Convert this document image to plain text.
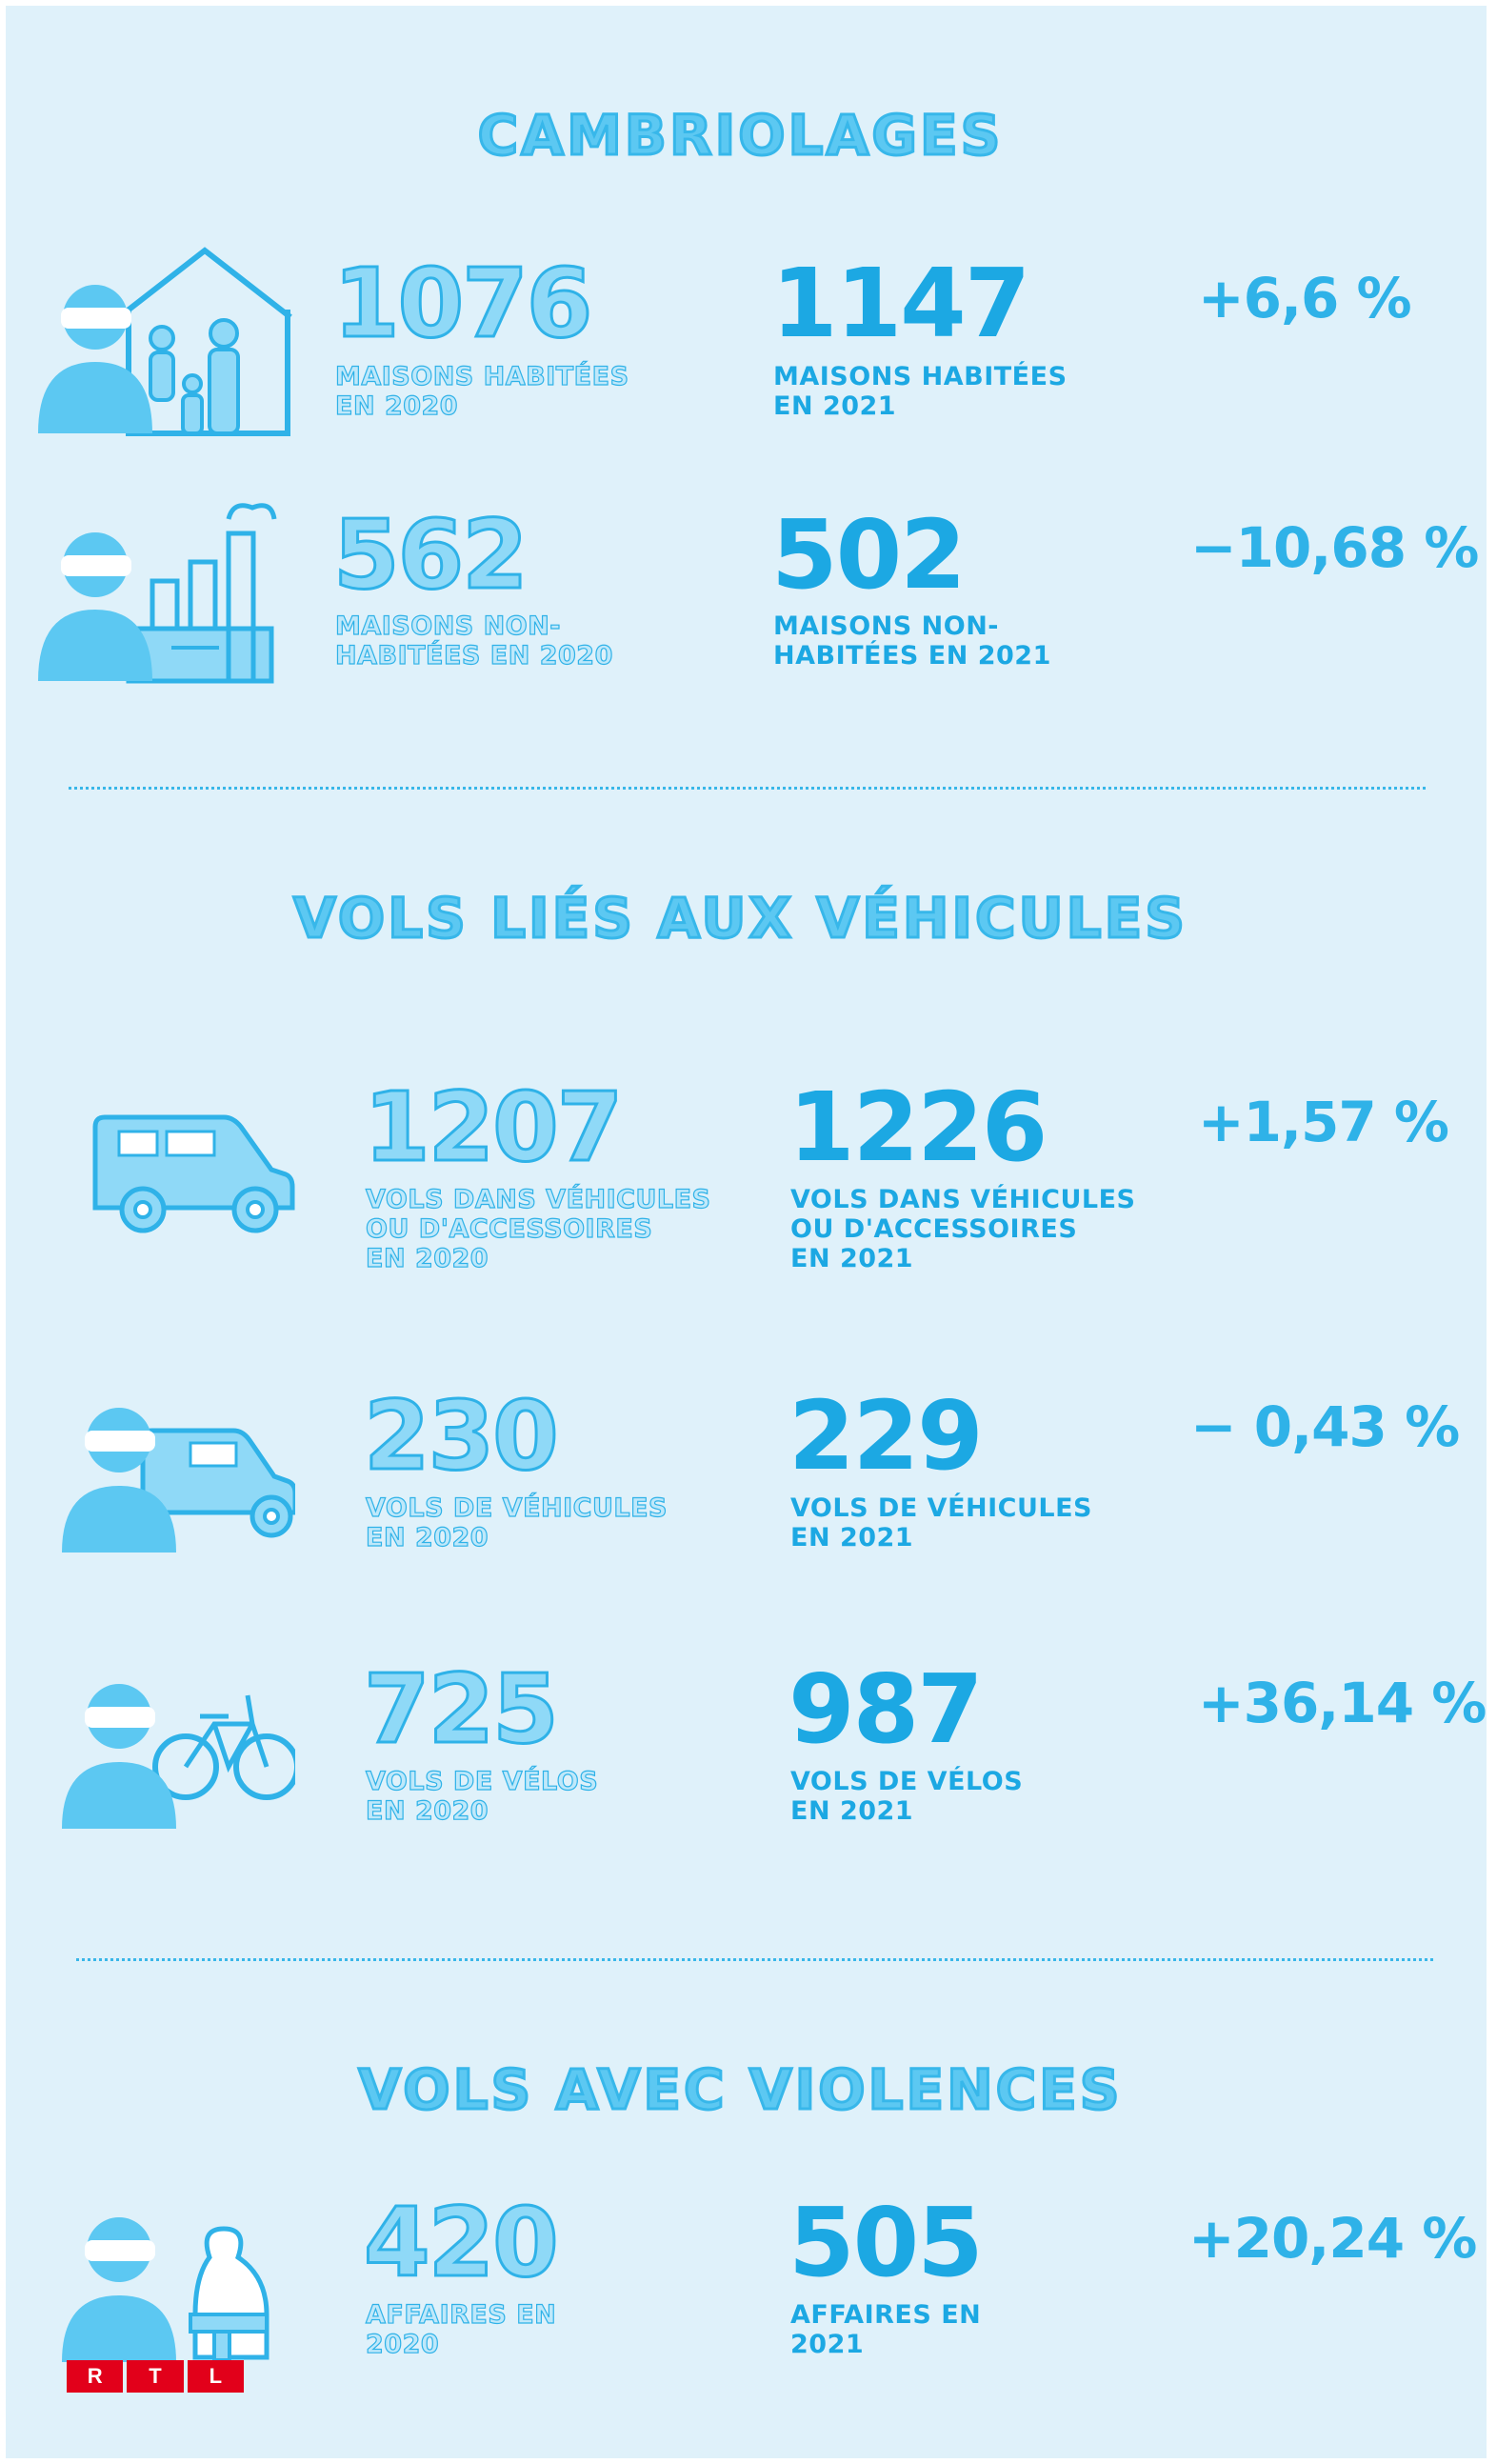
CAMBRIOLAGES
1076
MAISONS HABITÉES
EN 2020
1147
MAISONS HABITÉES
EN 2021
+6,6 %
562
MAISONS NON-
HABITÉES EN 2020
502
MAISONS NON-
HABITÉES EN 2021
−10,68 %
VOLS LIÉS AUX VÉHICULES
1207
VOLS DANS VÉHICULES
OU D'ACCESSOIRES
EN 2020
1226
VOLS DANS VÉHICULES
OU D'ACCESSOIRES
EN 2021
+1,57 %
230
VOLS DE VÉHICULES
EN 2020
229
VOLS DE VÉHICULES
EN 2021
− 0,43 %
725
VOLS DE VÉLOS
EN 2020
987
VOLS DE VÉLOS
EN 2021
+36,14 %
VOLS AVEC VIOLENCES
420
AFFAIRES EN
2020
505
AFFAIRES EN
2021
+20,24 %
R	T	L
